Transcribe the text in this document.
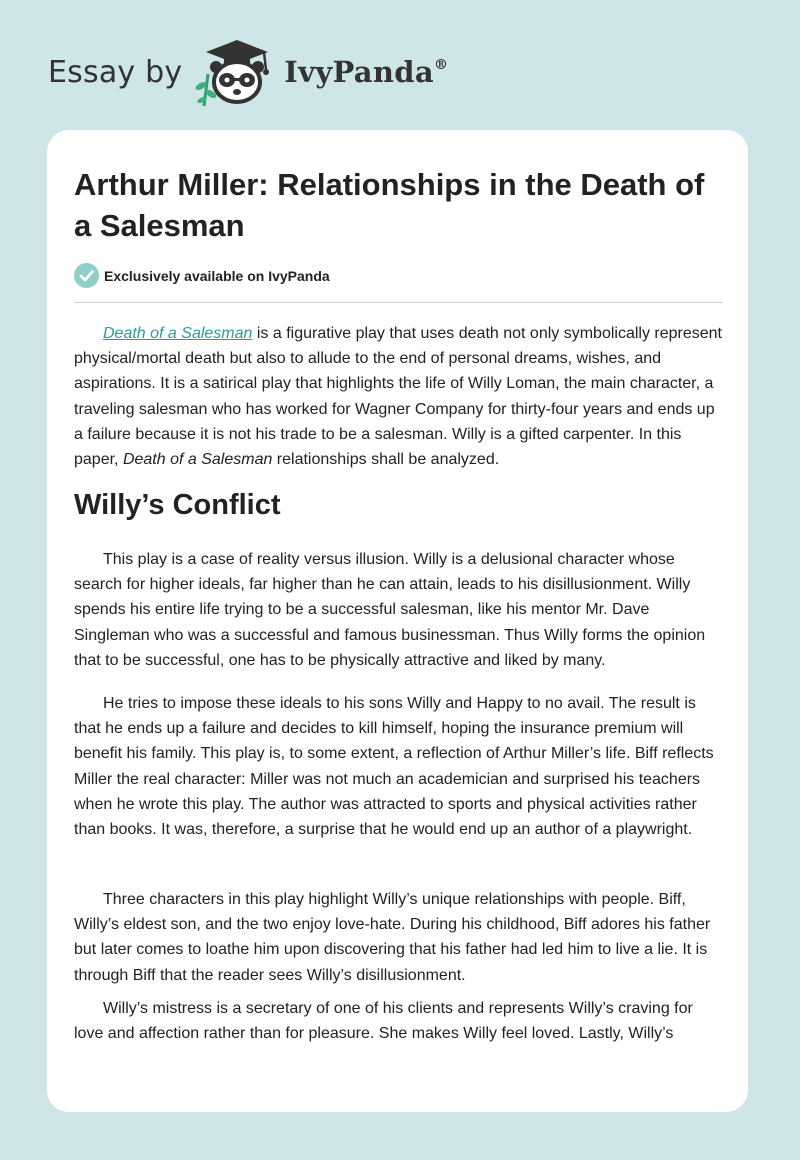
Essay by	IvyPanda®
Arthur Miller: Relationships in the Death of a Salesman
Exclusively available on IvyPanda

Death of a Salesman is a figurative play that uses death not only symbolically represent physical/mortal death but also to allude to the end of personal dreams, wishes, and aspirations. It is a satirical play that highlights the life of Willy Loman, the main character, a traveling salesman who has worked for Wagner Company for thirty-four years and ends up a failure because it is not his trade to be a salesman. Willy is a gifted carpenter. In this paper, Death of a Salesman relationships shall be analyzed.

Willy’s Conflict

This play is a case of reality versus illusion. Willy is a delusional character whose search for higher ideals, far higher than he can attain, leads to his disillusionment. Willy spends his entire life trying to be a successful salesman, like his mentor Mr. Dave Singleman who was a successful and famous businessman. Thus Willy forms the opinion that to be successful, one has to be physically attractive and liked by many.

He tries to impose these ideals to his sons Willy and Happy to no avail. The result is that he ends up a failure and decides to kill himself, hoping the insurance premium will benefit his family. This play is, to some extent, a reflection of Arthur Miller’s life. Biff reflects Miller the real character: Miller was not much an academician and surprised his teachers when he wrote this play. The author was attracted to sports and physical activities rather than books. It was, therefore, a surprise that he would end up an author of a playwright.

Three characters in this play highlight Willy’s unique relationships with people. Biff, Willy’s eldest son, and the two enjoy love-hate. During his childhood, Biff adores his father but later comes to loathe him upon discovering that his father had led him to live a lie. It is through Biff that the reader sees Willy’s disillusionment.

Willy’s mistress is a secretary of one of his clients and represents Willy’s craving for love and affection rather than for pleasure. She makes Willy feel loved. Lastly, Willy’s
